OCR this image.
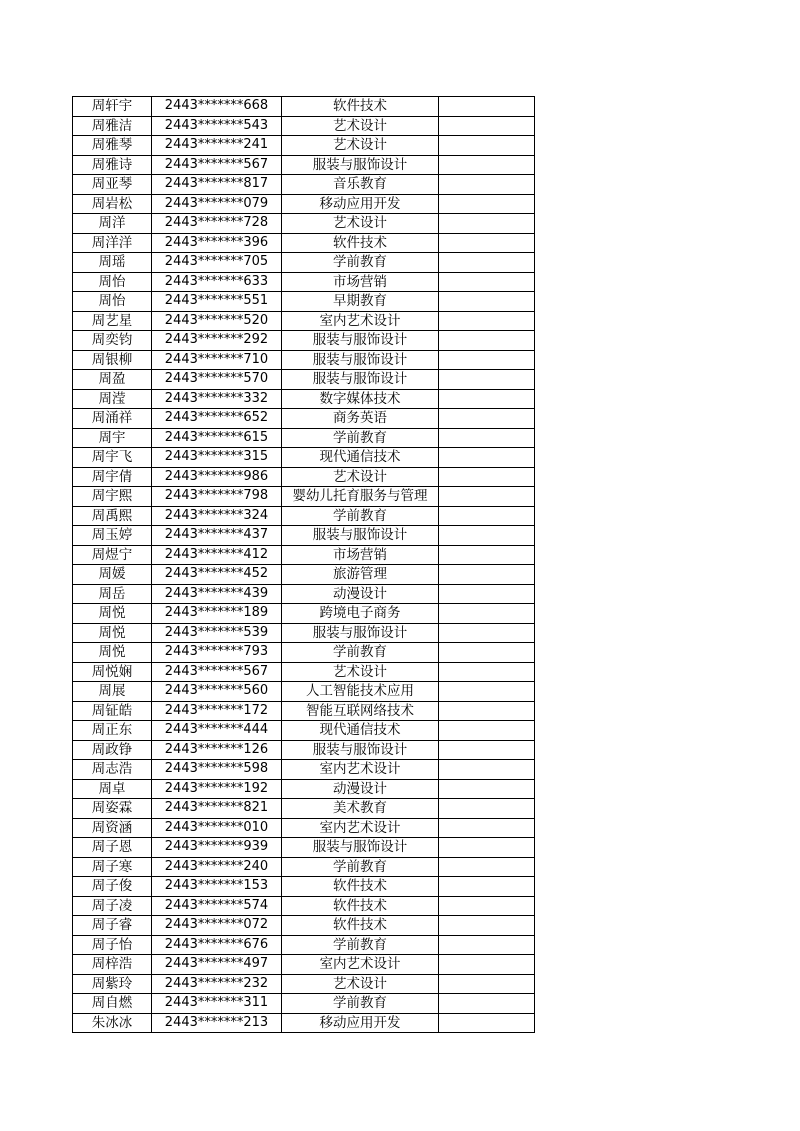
周轩宇	2443*******668	软件技术	
周雅洁	2443*******543	艺术设计	
周雅琴	2443*******241	艺术设计	
周雅诗	2443*******567	服装与服饰设计	
周亚琴	2443*******817	音乐教育	
周岩松	2443*******079	移动应用开发	
周洋	2443*******728	艺术设计	
周洋洋	2443*******396	软件技术	
周瑶	2443*******705	学前教育	
周怡	2443*******633	市场营销	
周怡	2443*******551	早期教育	
周艺星	2443*******520	室内艺术设计	
周奕钧	2443*******292	服装与服饰设计	
周银柳	2443*******710	服装与服饰设计	
周盈	2443*******570	服装与服饰设计	
周滢	2443*******332	数字媒体技术	
周涌祥	2443*******652	商务英语	
周宇	2443*******615	学前教育	
周宇飞	2443*******315	现代通信技术	
周宇倩	2443*******986	艺术设计	
周宇熙	2443*******798	婴幼儿托育服务与管理	
周禹熙	2443*******324	学前教育	
周玉婷	2443*******437	服装与服饰设计	
周煜宁	2443*******412	市场营销	
周媛	2443*******452	旅游管理	
周岳	2443*******439	动漫设计	
周悦	2443*******189	跨境电子商务	
周悦	2443*******539	服装与服饰设计	
周悦	2443*******793	学前教育	
周悦娴	2443*******567	艺术设计	
周展	2443*******560	人工智能技术应用	
周钲皓	2443*******172	智能互联网络技术	
周正东	2443*******444	现代通信技术	
周政铮	2443*******126	服装与服饰设计	
周志浩	2443*******598	室内艺术设计	
周卓	2443*******192	动漫设计	
周姿霖	2443*******821	美术教育	
周资涵	2443*******010	室内艺术设计	
周子恩	2443*******939	服装与服饰设计	
周子寒	2443*******240	学前教育	
周子俊	2443*******153	软件技术	
周子凌	2443*******574	软件技术	
周子睿	2443*******072	软件技术	
周子怡	2443*******676	学前教育	
周梓浩	2443*******497	室内艺术设计	
周紫玲	2443*******232	艺术设计	
周自燃	2443*******311	学前教育	
朱冰冰	2443*******213	移动应用开发	
